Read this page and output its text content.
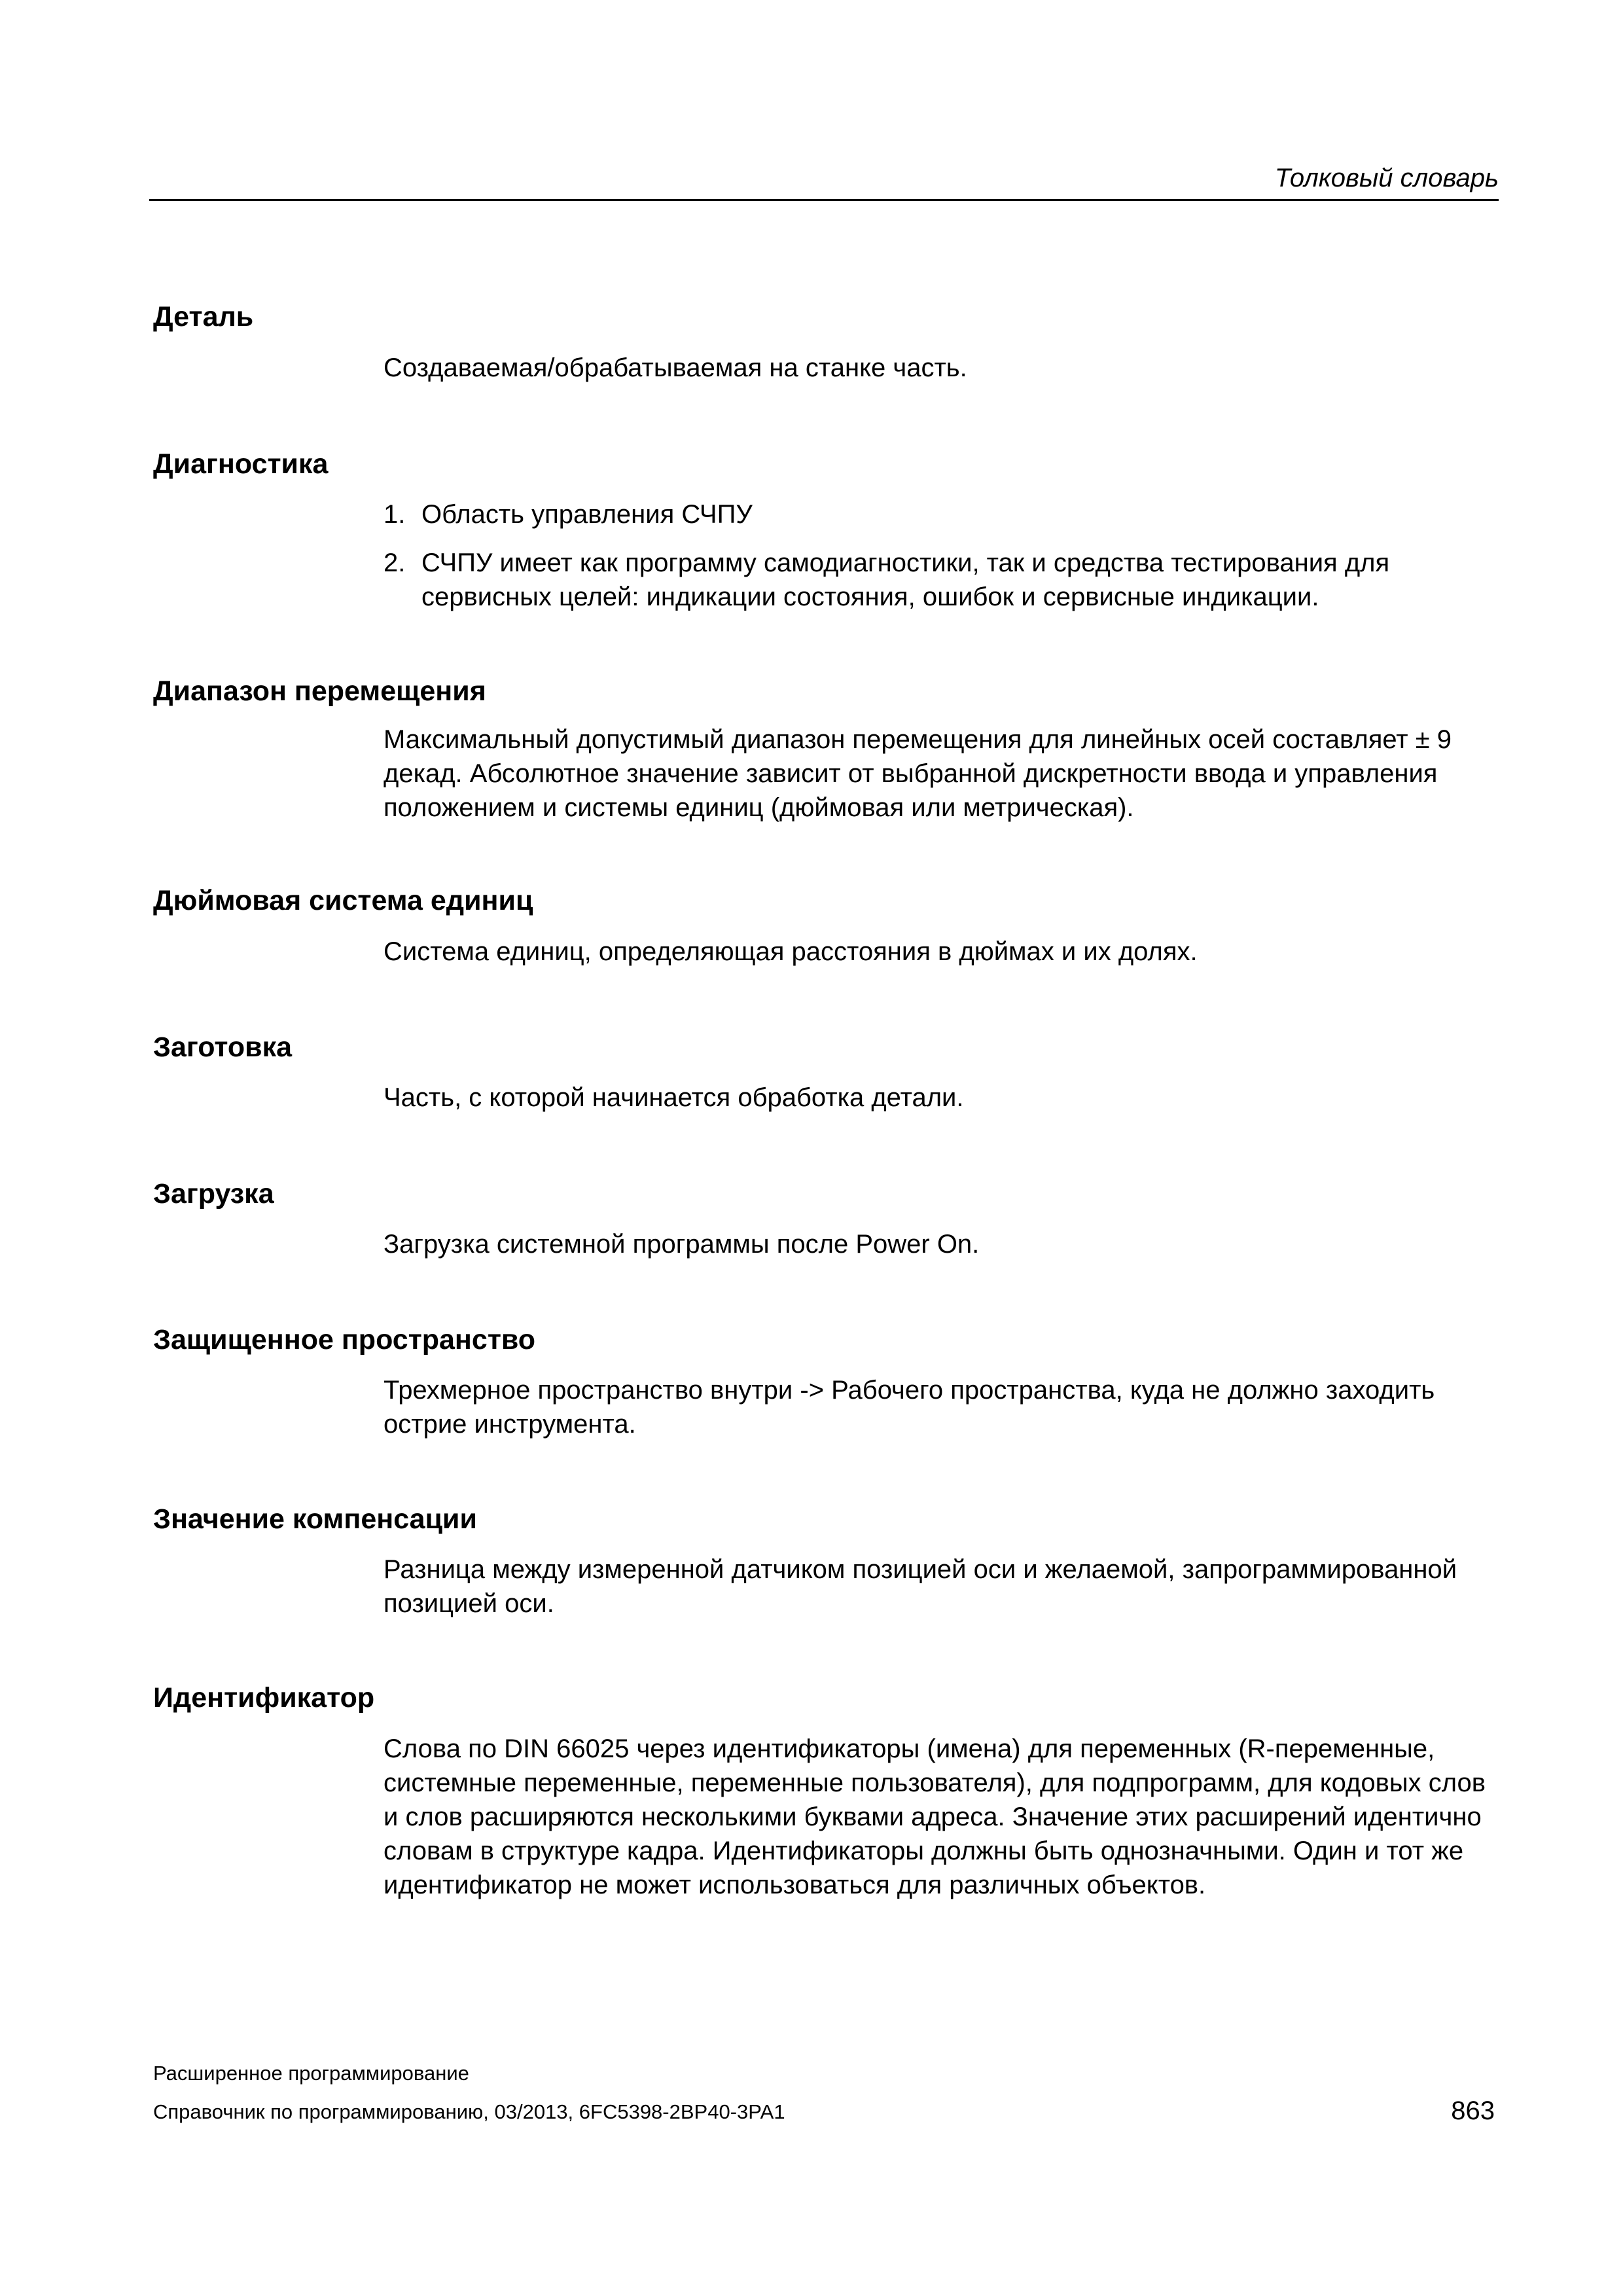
Толковый словарь
Деталь
Создаваемая/обрабатываемая на станке часть.
Диагностика
1. Область управления СЧПУ
2. СЧПУ имеет как программу самодиагностики, так и средства тестирования для сервисных целей: индикации состояния, ошибок и сервисные индикации.
Диапазон перемещения
Максимальный допустимый диапазон перемещения для линейных осей составляет ± 9 декад. Абсолютное значение зависит от выбранной дискретности ввода и управления положением и системы единиц (дюймовая или метрическая).
Дюймовая система единиц
Система единиц, определяющая расстояния в дюймах и их долях.
Заготовка
Часть, с которой начинается обработка детали.
Загрузка
Загрузка системной программы после Power On.
Защищенное пространство
Трехмерное пространство внутри -> Рабочего пространства, куда не должно заходить острие инструмента.
Значение компенсации
Разница между измеренной датчиком позицией оси и желаемой, запрограммированной позицией оси.
Идентификатор
Слова по DIN 66025 через идентификаторы (имена) для переменных (R-переменные, системные переменные, переменные пользователя), для подпрограмм, для кодовых слов и слов расширяются несколькими буквами адреса. Значение этих расширений идентично словам в структуре кадра. Идентификаторы должны быть однозначными. Один и тот же идентификатор не может использоваться для различных объектов.
Расширенное программирование
Справочник по программированию, 03/2013, 6FC5398-2BP40-3PA1	863
